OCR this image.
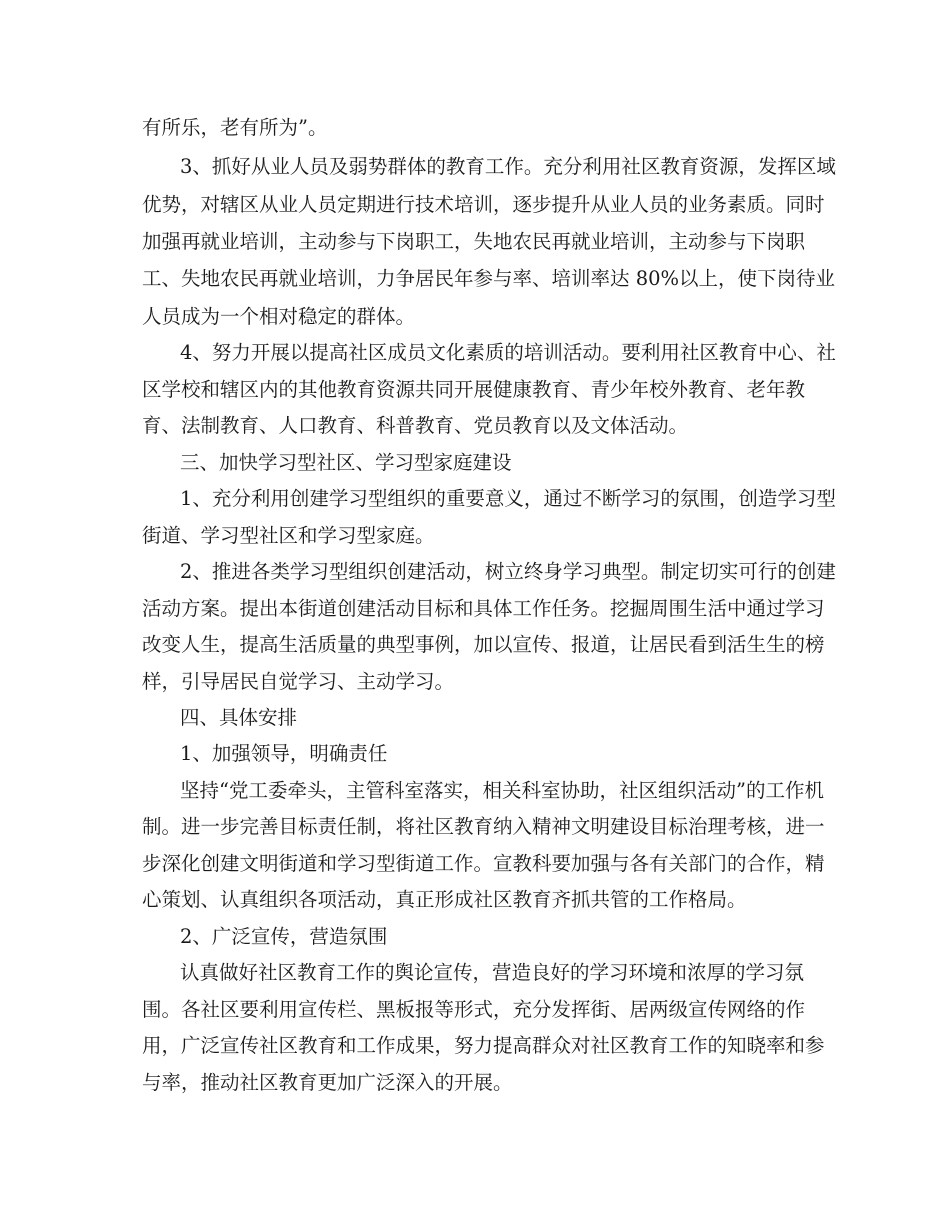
有所乐，老有所为”。
3、抓好从业人员及弱势群体的教育工作。充分利用社区教育资源，发挥区域
优势，对辖区从业人员定期进行技术培训，逐步提升从业人员的业务素质。同时
加强再就业培训，主动参与下岗职工，失地农民再就业培训，主动参与下岗职
工、失地农民再就业培训，力争居民年参与率、培训率达 80%以上，使下岗待业
人员成为一个相对稳定的群体。
4、努力开展以提高社区成员文化素质的培训活动。要利用社区教育中心、社
区学校和辖区内的其他教育资源共同开展健康教育、青少年校外教育、老年教
育、法制教育、人口教育、科普教育、党员教育以及文体活动。
三、加快学习型社区、学习型家庭建设
1、充分利用创建学习型组织的重要意义，通过不断学习的氛围，创造学习型
街道、学习型社区和学习型家庭。
2、推进各类学习型组织创建活动，树立终身学习典型。制定切实可行的创建
活动方案。提出本街道创建活动目标和具体工作任务。挖掘周围生活中通过学习
改变人生，提高生活质量的典型事例，加以宣传、报道，让居民看到活生生的榜
样，引导居民自觉学习、主动学习。
四、具体安排
1、加强领导，明确责任
坚持“党工委牵头，主管科室落实，相关科室协助，社区组织活动”的工作机
制。进一步完善目标责任制，将社区教育纳入精神文明建设目标治理考核，进一
步深化创建文明街道和学习型街道工作。宣教科要加强与各有关部门的合作，精
心策划、认真组织各项活动，真正形成社区教育齐抓共管的工作格局。
2、广泛宣传，营造氛围
认真做好社区教育工作的舆论宣传，营造良好的学习环境和浓厚的学习氛
围。各社区要利用宣传栏、黑板报等形式，充分发挥街、居两级宣传网络的作
用，广泛宣传社区教育和工作成果，努力提高群众对社区教育工作的知晓率和参
与率，推动社区教育更加广泛深入的开展。
